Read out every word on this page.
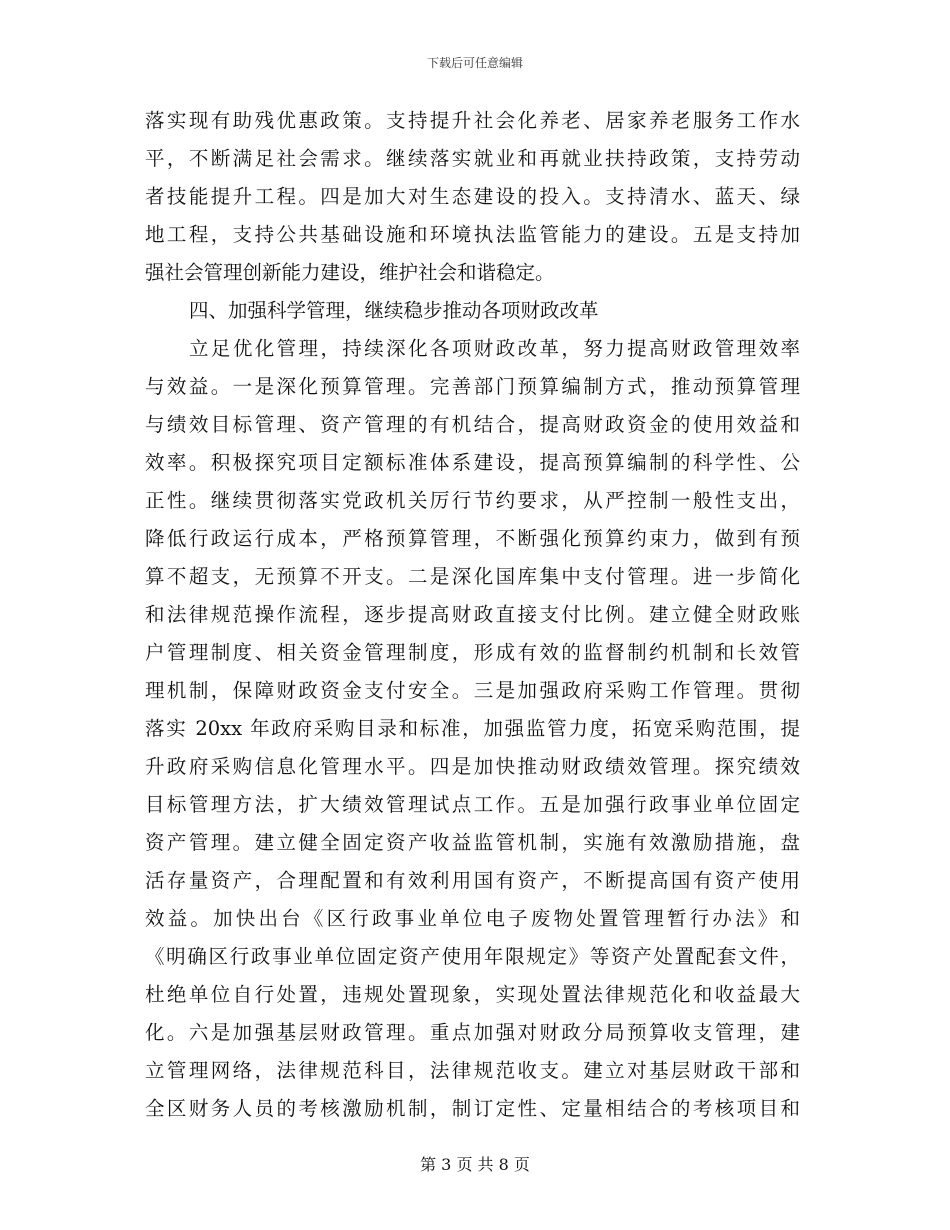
下载后可任意编辑
落实现有助残优惠政策。支持提升社会化养老、居家养老服务工作水
平，不断满足社会需求。继续落实就业和再就业扶持政策，支持劳动
者技能提升工程。四是加大对生态建设的投入。支持清水、蓝天、绿
地工程，支持公共基础设施和环境执法监管能力的建设。五是支持加
强社会管理创新能力建设，维护社会和谐稳定。
四、加强科学管理，继续稳步推动各项财政改革
立足优化管理，持续深化各项财政改革，努力提高财政管理效率
与效益。一是深化预算管理。完善部门预算编制方式，推动预算管理
与绩效目标管理、资产管理的有机结合，提高财政资金的使用效益和
效率。积极探究项目定额标准体系建设，提高预算编制的科学性、公
正性。继续贯彻落实党政机关厉行节约要求，从严控制一般性支出，
降低行政运行成本，严格预算管理，不断强化预算约束力，做到有预
算不超支，无预算不开支。二是深化国库集中支付管理。进一步简化
和法律规范操作流程，逐步提高财政直接支付比例。建立健全财政账
户管理制度、相关资金管理制度，形成有效的监督制约机制和长效管
理机制，保障财政资金支付安全。三是加强政府采购工作管理。贯彻
落实 20xx 年政府采购目录和标准，加强监管力度，拓宽采购范围，提
升政府采购信息化管理水平。四是加快推动财政绩效管理。探究绩效
目标管理方法，扩大绩效管理试点工作。五是加强行政事业单位固定
资产管理。建立健全固定资产收益监管机制，实施有效激励措施，盘
活存量资产，合理配置和有效利用国有资产，不断提高国有资产使用
效益。加快出台《区行政事业单位电子废物处置管理暂行办法》和
《明确区行政事业单位固定资产使用年限规定》等资产处置配套文件，
杜绝单位自行处置，违规处置现象，实现处置法律规范化和收益最大
化。六是加强基层财政管理。重点加强对财政分局预算收支管理，建
立管理网络，法律规范科目，法律规范收支。建立对基层财政干部和
全区财务人员的考核激励机制，制订定性、定量相结合的考核项目和
第 3 页 共 8 页
